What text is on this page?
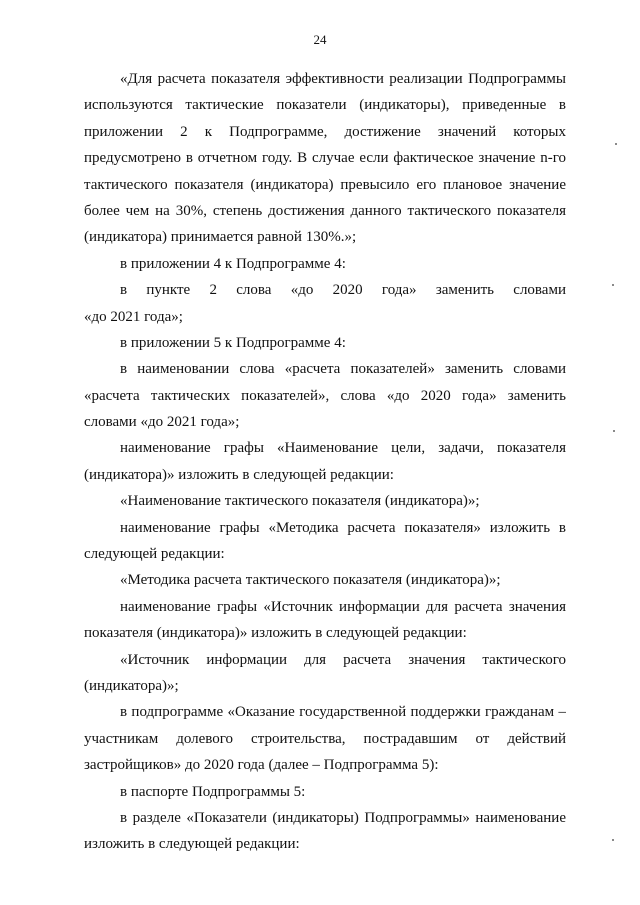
24
«Для расчета показателя эффективности реализации Подпрограммы
используются тактические показатели (индикаторы), приведенные в
приложении 2 к Подпрограмме, достижение значений которых
предусмотрено в отчетном году. В случае если фактическое значение n-го
тактического показателя (индикатора) превысило его плановое значение
более чем на 30%, степень достижения данного тактического показателя
(индикатора) принимается равной 130%.»;
в приложении 4 к Подпрограмме 4:
в пункте 2 слова «до 2020 года» заменить словами
«до 2021 года»;
в приложении 5 к Подпрограмме 4:
в наименовании слова «расчета показателей» заменить словами
«расчета тактических показателей», слова «до 2020 года» заменить
словами «до 2021 года»;
наименование графы «Наименование цели, задачи, показателя
(индикатора)» изложить в следующей редакции:
«Наименование тактического показателя (индикатора)»;
наименование графы «Методика расчета показателя» изложить в
следующей редакции:
«Методика расчета тактического показателя (индикатора)»;
наименование графы «Источник информации для расчета значения
показателя (индикатора)» изложить в следующей редакции:
«Источник информации для расчета значения тактического
(индикатора)»;
в подпрограмме «Оказание государственной поддержки гражданам –
участникам долевого строительства, пострадавшим от действий
застройщиков» до 2020 года (далее – Подпрограмма 5):
в паспорте Подпрограммы 5:
в разделе «Показатели (индикаторы) Подпрограммы» наименование
изложить в следующей редакции:
